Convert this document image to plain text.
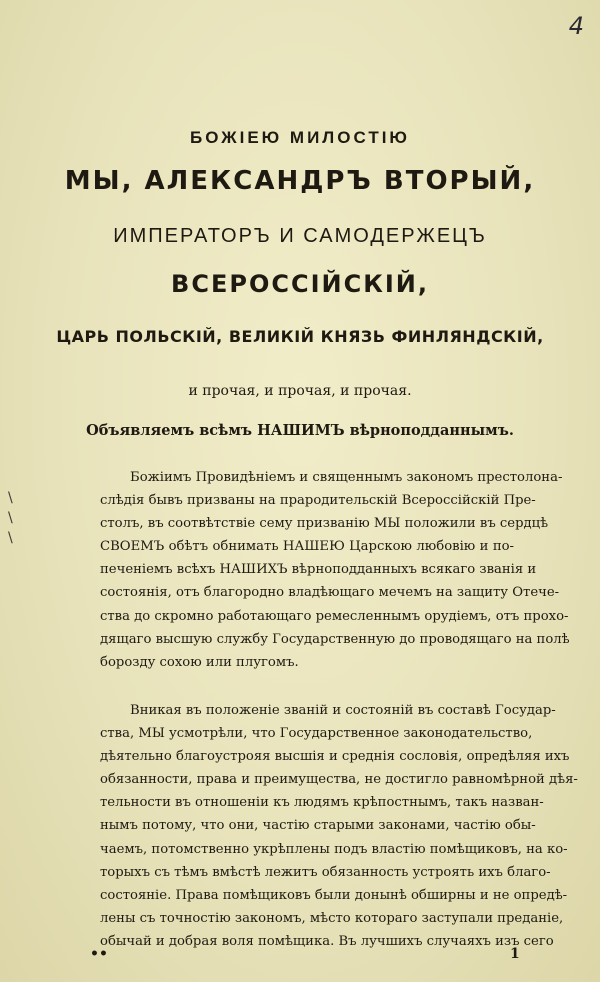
4
\
\
\
БОЖIЕЮ МИЛОСТIЮ
МЫ, АЛЕКСАНДРЪ ВТОРЫЙ,
ИМПЕРАТОРЪ И САМОДЕРЖЕЦЪ
ВСЕРОССIЙСКIЙ,
ЦАРЬ ПОЛЬСКIЙ, ВЕЛИКIЙ КНЯЗЬ ФИНЛЯНДСКIЙ,
и прочая, и прочая, и прочая.
Объявляемъ всѣмъ НАШИМЪ вѣрноподданнымъ.
Божiимъ Провидѣнiемъ и священнымъ закономъ престолона-
слѣдiя бывъ призваны на прародительскiй Всероссiйскiй Пре-
столъ, въ соотвѣтствiе сему призванiю МЫ положили въ сердцѣ
СВОЕМЪ обѣтъ обнимать НАШЕЮ Царскою любовiю и по-
печенiемъ всѣхъ НАШИХЪ вѣрноподданныхъ всякаго званiя и
состоянiя, отъ благородно владѣющаго мечемъ на защиту Отече-
ства до скромно работающаго ремесленнымъ орудiемъ, отъ прохо-
дящаго высшую службу Государственную до проводящаго на полѣ
борозду сохою или плугомъ.
Вникая въ положенiе званiй и состоянiй въ составѣ Государ-
ства, МЫ усмотрѣли, что Государственное законодательство,
дѣятельно благоустрояя высшiя и среднiя сословiя, опредѣляя ихъ
обязанности, права и преимущества, не достигло равномѣрной дѣя-
тельности въ отношенiи къ людямъ крѣпостнымъ, такъ назван-
нымъ потому, что они, частiю старыми законами, частiю обы-
чаемъ, потомственно укрѣплены подъ властiю помѣщиковъ, на ко-
торыхъ съ тѣмъ вмѣстѣ лежитъ обязанность устроять ихъ благо-
состоянiе. Права помѣщиковъ были донынѣ обширны и не опредѣ-
лены съ точностiю закономъ, мѣсто котораго заступали преданiе,
обычай и добрая воля помѣщика. Въ лучшихъ случаяхъ изъ сего
••	1
